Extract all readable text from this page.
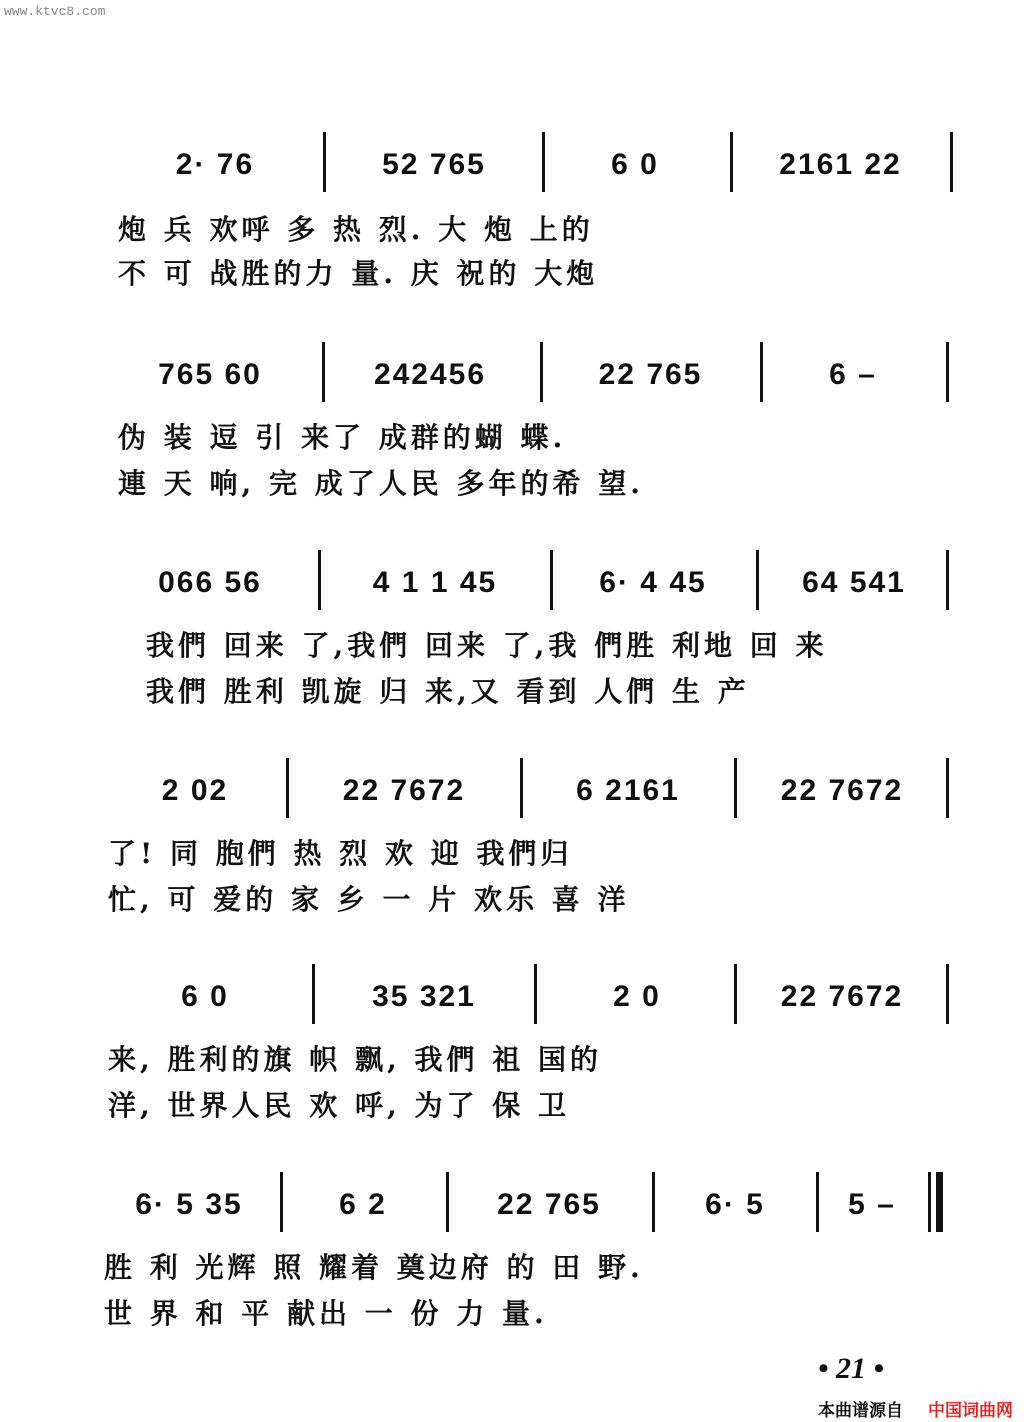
www.ktvc8.com
2· 76	52 765	6 0	2161 22
炮 兵 欢呼 多 热 烈. 大 炮 上的
不 可 战胜的力 量. 庆 祝的 大炮
765 60	242456	22 765	6 –
伪 装 逗 引 来了 成群的蝴 蝶.
連 天 响, 完 成了人民 多年的希 望.
066 56	4 1 1 45	6· 4 45	64 541
我們 回来 了,我們 回来 了,我 們胜 利地 回 来
我們 胜利 凯旋 归 来,又 看到 人們 生 产
2 02	22 7672	6 2161	22 7672
了! 同 胞們 热 烈 欢 迎 我們归
忙, 可 爱的 家 乡 一 片 欢乐 喜 洋
6 0	35 321	2 0	22 7672
来, 胜利的旗 帜 飘, 我們 祖 国的
洋, 世界人民 欢 呼, 为了 保 卫
6· 5 35	6 2	22 765	6· 5	5 –
胜 利 光辉 照 耀着 奠边府 的 田 野.
世 界 和 平 献出 一 份 力 量.
• 21 •
本曲谱源自 中国词曲网
